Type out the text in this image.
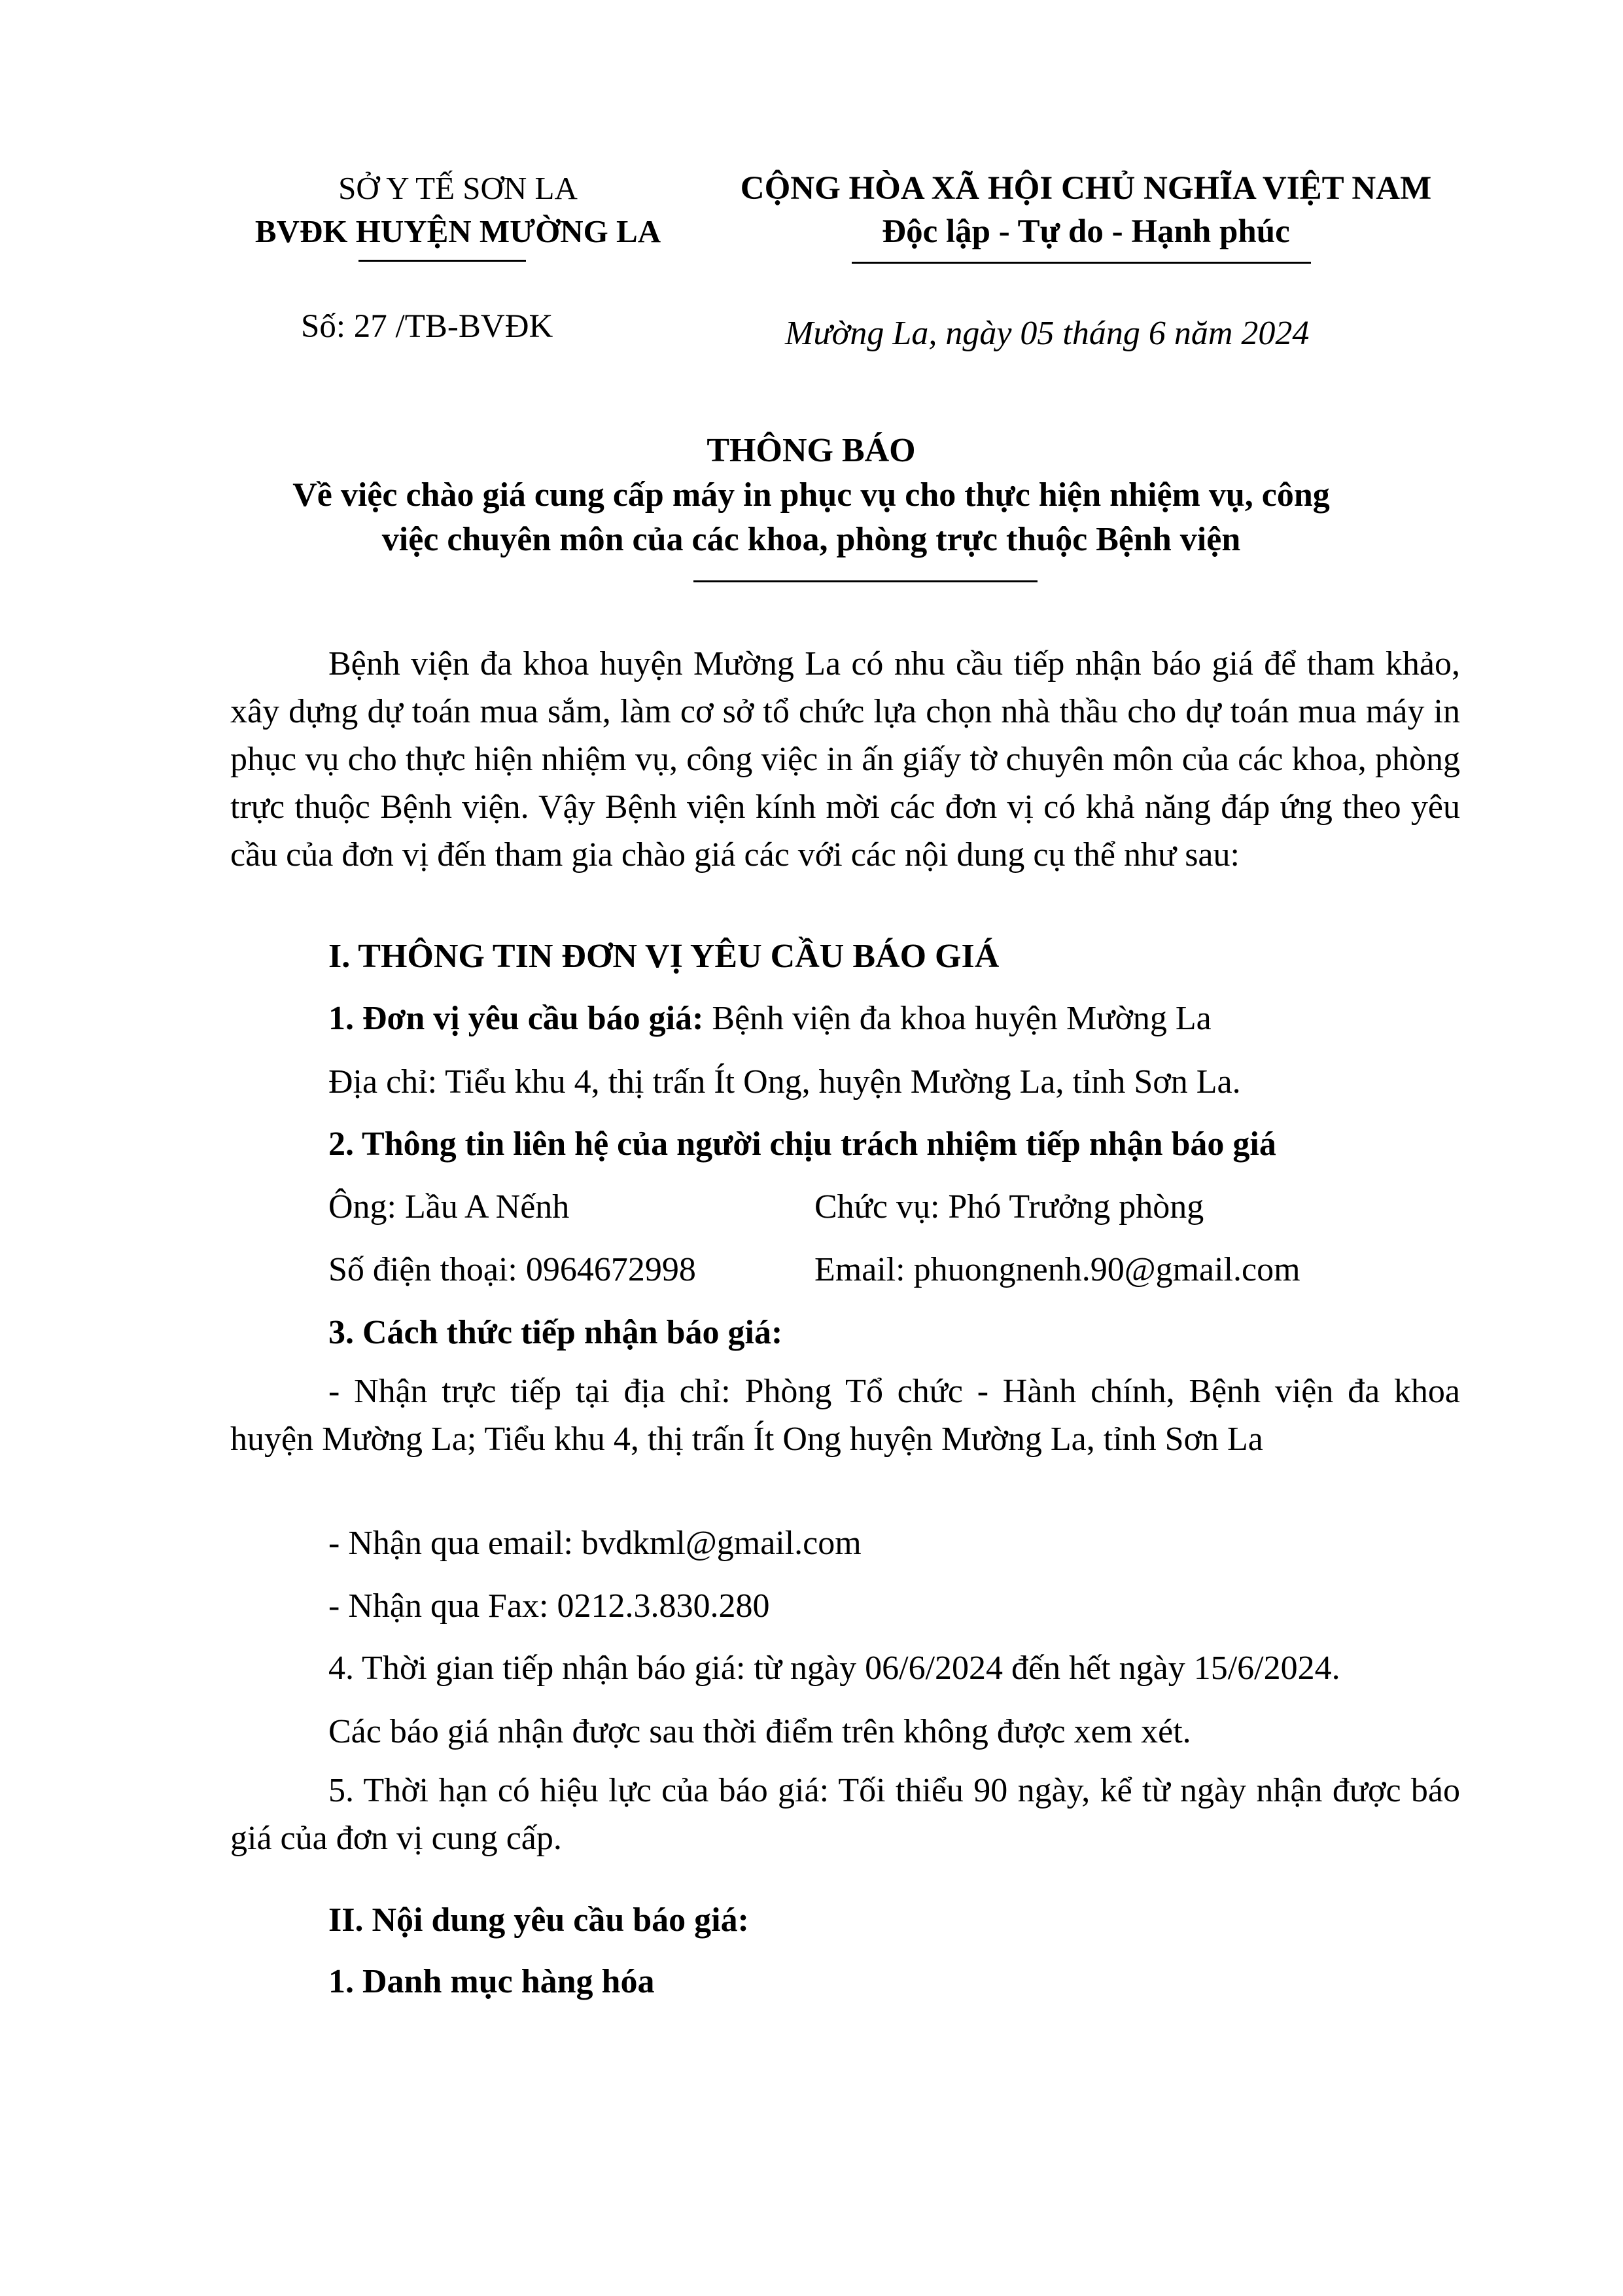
SỞ Y TẾ SƠN LA
BVĐK HUYỆN MƯỜNG LA
CỘNG HÒA XÃ HỘI CHỦ NGHĨA VIỆT NAM
Độc lập - Tự do - Hạnh phúc
Số: 27 /TB-BVĐK	Mường La, ngày 05 tháng 6 năm 2024
THÔNG BÁO
Về việc chào giá cung cấp máy in phục vụ cho thực hiện nhiệm vụ, công
việc chuyên môn của các khoa, phòng trực thuộc Bệnh viện
Bệnh viện đa khoa huyện Mường La có nhu cầu tiếp nhận báo giá để tham khảo, xây dựng dự toán mua sắm, làm cơ sở tổ chức lựa chọn nhà thầu cho dự toán mua máy in phục vụ cho thực hiện nhiệm vụ, công việc in ấn giấy tờ chuyên môn của các khoa, phòng trực thuộc Bệnh viện. Vậy Bệnh viện kính mời các đơn vị có khả năng đáp ứng theo yêu cầu của đơn vị đến tham gia chào giá các với các nội dung cụ thể như sau:
I. THÔNG TIN ĐƠN VỊ YÊU CẦU BÁO GIÁ
1. Đơn vị yêu cầu báo giá: Bệnh viện đa khoa huyện Mường La
Địa chỉ: Tiểu khu 4, thị trấn Ít Ong, huyện Mường La, tỉnh Sơn La.
2. Thông tin liên hệ của người chịu trách nhiệm tiếp nhận báo giá
Ông: Lầu A Nếnh	Chức vụ: Phó Trưởng phòng
Số điện thoại: 0964672998	Email: phuongnenh.90@gmail.com
3. Cách thức tiếp nhận báo giá:
- Nhận trực tiếp tại địa chỉ: Phòng Tổ chức - Hành chính, Bệnh viện đa khoa huyện Mường La; Tiểu khu 4, thị trấn Ít Ong huyện Mường La, tỉnh Sơn La
- Nhận qua email: bvdkml@gmail.com
- Nhận qua Fax: 0212.3.830.280
4. Thời gian tiếp nhận báo giá: từ ngày 06/6/2024 đến hết ngày 15/6/2024.
Các báo giá nhận được sau thời điểm trên không được xem xét.
5. Thời hạn có hiệu lực của báo giá: Tối thiểu 90 ngày, kể từ ngày nhận được báo giá của đơn vị cung cấp.
II. Nội dung yêu cầu báo giá:
1. Danh mục hàng hóa
